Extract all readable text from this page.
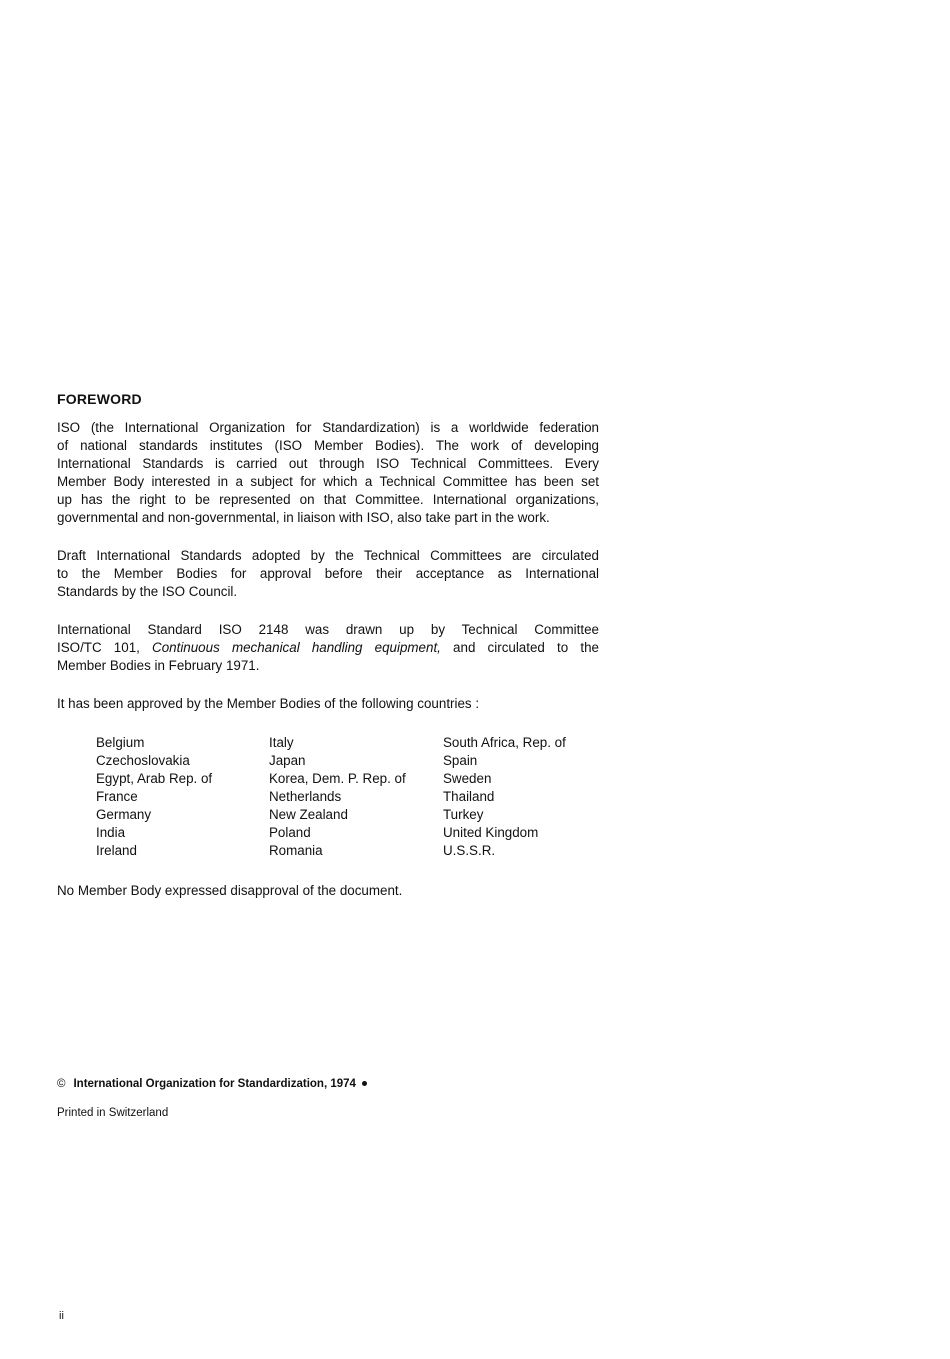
FOREWORD
ISO (the International Organization for Standardization) is a worldwide federation
of national standards institutes (ISO Member Bodies). The work of developing
International Standards is carried out through ISO Technical Committees. Every
Member Body interested in a subject for which a Technical Committee has been set
up has the right to be represented on that Committee. International organizations,
governmental and non-governmental, in liaison with ISO, also take part in the work.
Draft International Standards adopted by the Technical Committees are circulated
to the Member Bodies for approval before their acceptance as International
Standards by the ISO Council.
International Standard ISO 2148 was drawn up by Technical Committee
ISO/TC 101, Continuous mechanical handling equipment, and circulated to the
Member Bodies in February 1971.
It has been approved by the Member Bodies of the following countries :
Belgium
Czechoslovakia
Egypt, Arab Rep. of
France
Germany
India
Ireland
Italy
Japan
Korea, Dem. P. Rep. of
Netherlands
New Zealand
Poland
Romania
South Africa, Rep. of
Spain
Sweden
Thailand
Turkey
United Kingdom
U.S.S.R.
No Member Body expressed disapproval of the document.
© International Organization for Standardization, 1974
Printed in Switzerland
ii
